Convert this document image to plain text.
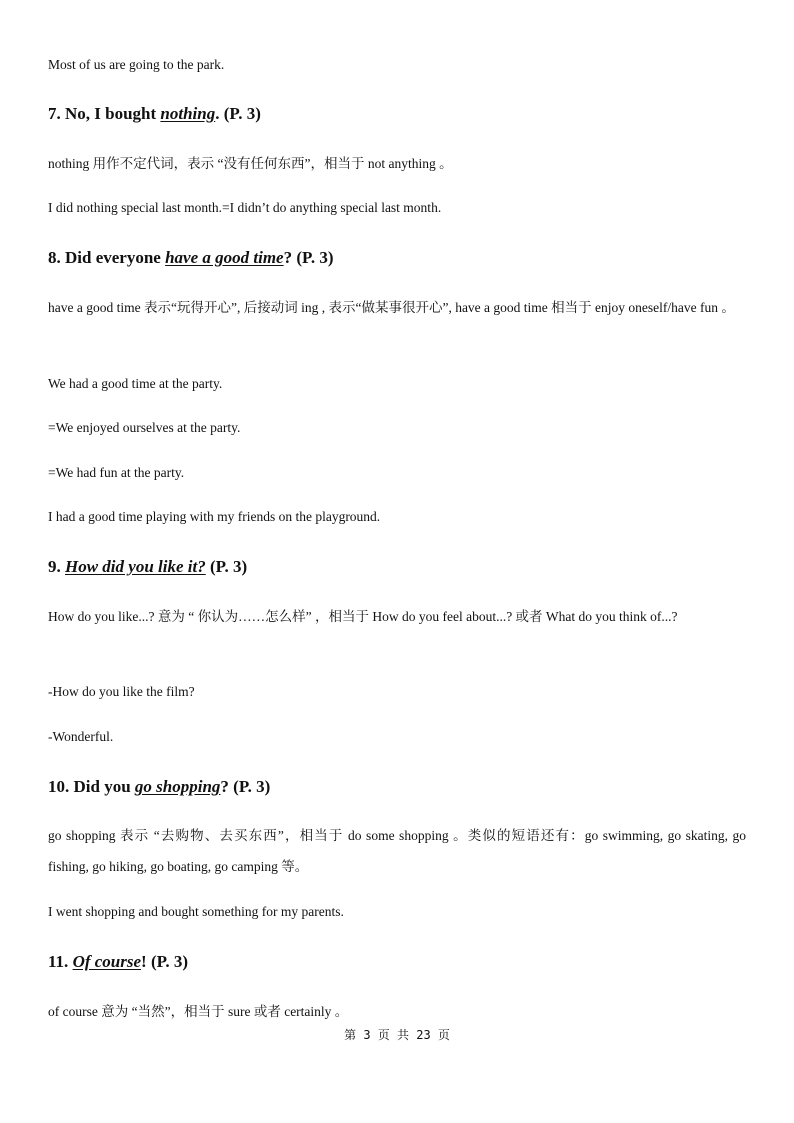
Most of us are going to the park.
7. No, I bought nothing. (P. 3)
nothing 用作不定代词，表示 “没有任何东西”，相当于 not anything 。
I did nothing special last month.=I didn’t do anything special last month.
8. Did everyone have a good time? (P. 3)
have a good time 表示“玩得开心”, 后接动词 ing , 表示“做某事很开心”, have a good time 相当于 enjoy oneself/have fun 。
We had a good time at the party.
=We enjoyed ourselves at the party.
=We had fun at the party.
I had a good time playing with my friends on the playground.
9. How did you like it? (P. 3)
How do you like...? 意为 “ 你认为……怎么样” ，相当于 How do you feel about...? 或者 What do you think of...?
-How do you like the film?
-Wonderful.
10. Did you go shopping? (P. 3)
go shopping 表示 “去购物、去买东西”，相当于 do some shopping 。类似的短语还有：go swimming, go skating, go fishing, go hiking, go boating, go camping 等。
I went shopping and bought something for my parents.
11. Of course! (P. 3)
of course 意为 “当然”，相当于 sure 或者 certainly 。
第 3 页 共 23 页
